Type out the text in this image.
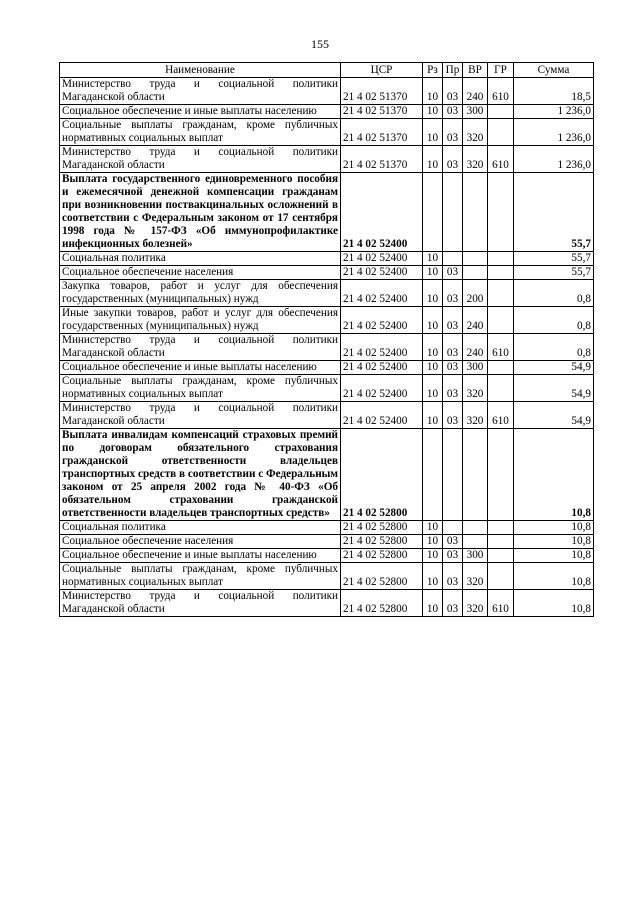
155
Наименование	ЦСР	Рз	Пр	ВР	ГР	Сумма
Министерство труда и социальной политики Магаданской области	21 4 02 51370	10	03	240	610	18,5
Социальное обеспечение и иные выплаты населению	21 4 02 51370	10	03	300		1 236,0
Социальные выплаты гражданам, кроме публичных нормативных социальных выплат	21 4 02 51370	10	03	320		1 236,0
Министерство труда и социальной политики Магаданской области	21 4 02 51370	10	03	320	610	1 236,0
Выплата государственного единовременного пособия и ежемесячной денежной компенсации гражданам при возникновении поствакцинальных осложнений в соответствии с Федеральным законом от 17 сентября 1998 года № 157-ФЗ «Об иммунопрофилактике инфекционных болезней»	21 4 02 52400					55,7
Социальная политика	21 4 02 52400	10				55,7
Социальное обеспечение населения	21 4 02 52400	10	03			55,7
Закупка товаров, работ и услуг для обеспечения государственных (муниципальных) нужд	21 4 02 52400	10	03	200		0,8
Иные закупки товаров, работ и услуг для обеспечения государственных (муниципальных) нужд	21 4 02 52400	10	03	240		0,8
Министерство труда и социальной политики Магаданской области	21 4 02 52400	10	03	240	610	0,8
Социальное обеспечение и иные выплаты населению	21 4 02 52400	10	03	300		54,9
Социальные выплаты гражданам, кроме публичных нормативных социальных выплат	21 4 02 52400	10	03	320		54,9
Министерство труда и социальной политики Магаданской области	21 4 02 52400	10	03	320	610	54,9
Выплата инвалидам компенсаций страховых премий по договорам обязательного страхования гражданской ответственности владельцев транспортных средств в соответствии с Федеральным законом от 25 апреля 2002 года № 40-ФЗ «Об обязательном страховании гражданской ответственности владельцев транспортных средств»	21 4 02 52800					10,8
Социальная политика	21 4 02 52800	10				10,8
Социальное обеспечение населения	21 4 02 52800	10	03			10,8
Социальное обеспечение и иные выплаты населению	21 4 02 52800	10	03	300		10,8
Социальные выплаты гражданам, кроме публичных нормативных социальных выплат	21 4 02 52800	10	03	320		10,8
Министерство труда и социальной политики Магаданской области	21 4 02 52800	10	03	320	610	10,8
